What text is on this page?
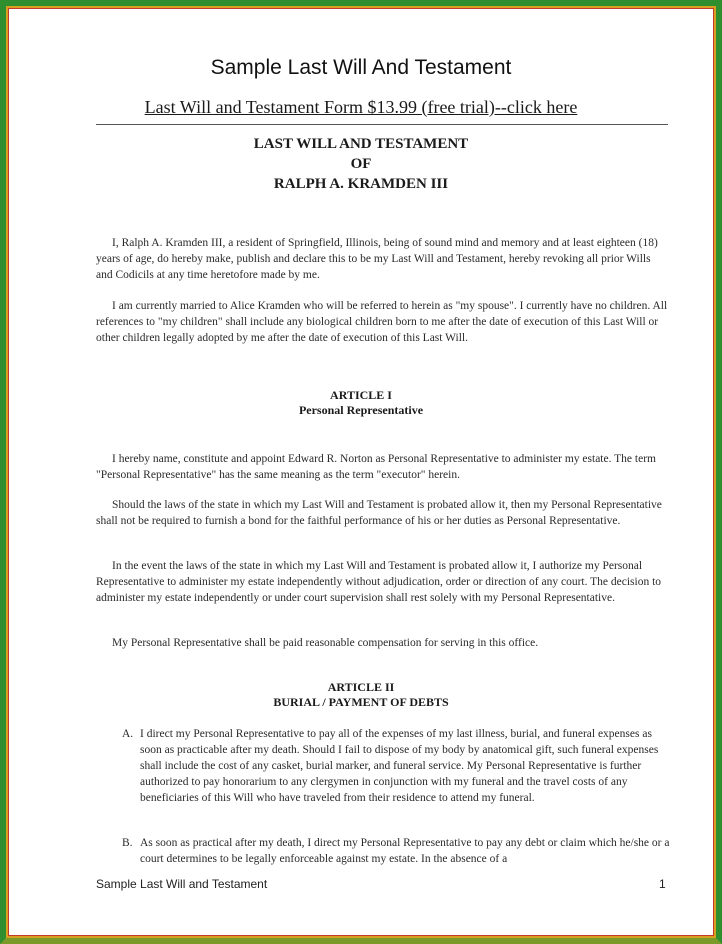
Sample Last Will And Testament
Last Will and Testament Form $13.99 (free trial)--click here
LAST WILL AND TESTAMENT
OF
RALPH A. KRAMDEN III
I, Ralph A. Kramden III, a resident of Springfield, Illinois, being of sound mind and memory and at least eighteen (18) years of age, do hereby make, publish and declare this to be my Last Will and Testament, hereby revoking all prior Wills and Codicils at any time heretofore made by me.
I am currently married to Alice Kramden who will be referred to herein as "my spouse". I currently have no children. All references to "my children" shall include any biological children born to me after the date of execution of this Last Will or other children legally adopted by me after the date of execution of this Last Will.
ARTICLE I
Personal Representative
I hereby name, constitute and appoint Edward R. Norton as Personal Representative to administer my estate. The term "Personal Representative" has the same meaning as the term "executor" herein.
Should the laws of the state in which my Last Will and Testament is probated allow it, then my Personal Representative shall not be required to furnish a bond for the faithful performance of his or her duties as Personal Representative.
In the event the laws of the state in which my Last Will and Testament is probated allow it, I authorize my Personal Representative to administer my estate independently without adjudication, order or direction of any court. The decision to administer my estate independently or under court supervision shall rest solely with my Personal Representative.
My Personal Representative shall be paid reasonable compensation for serving in this office.
ARTICLE II
BURIAL / PAYMENT OF DEBTS
A. I direct my Personal Representative to pay all of the expenses of my last illness, burial, and funeral expenses as soon as practicable after my death. Should I fail to dispose of my body by anatomical gift, such funeral expenses shall include the cost of any casket, burial marker, and funeral service. My Personal Representative is further authorized to pay honorarium to any clergymen in conjunction with my funeral and the travel costs of any beneficiaries of this Will who have traveled from their residence to attend my funeral.
B. As soon as practical after my death, I direct my Personal Representative to pay any debt or claim which he/she or a court determines to be legally enforceable against my estate. In the absence of a
Sample Last Will and Testament	1
